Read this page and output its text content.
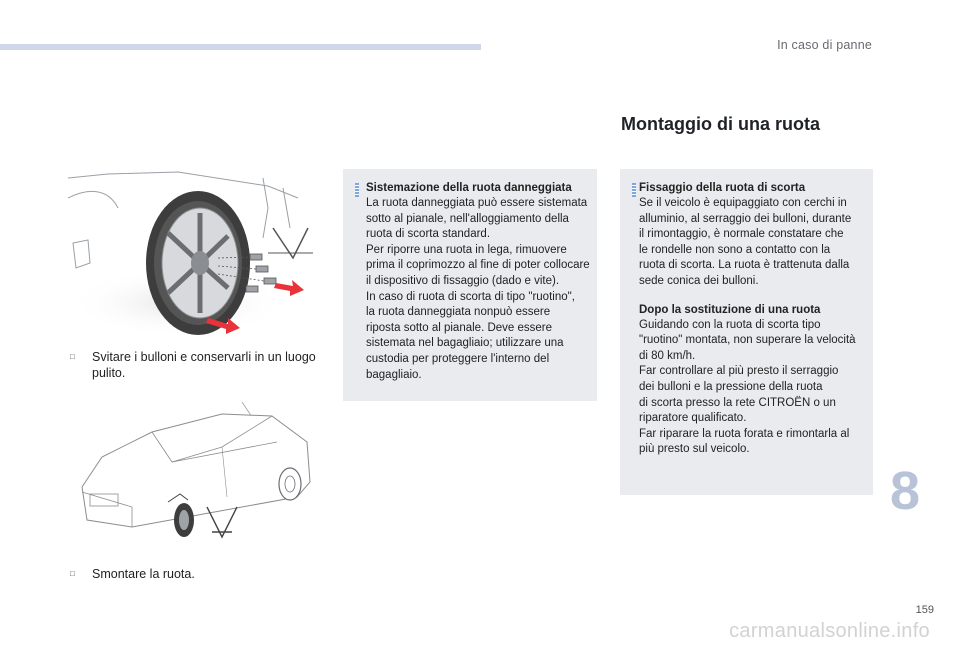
In caso di panne
Montaggio di una ruota
□ Svitare i bulloni e conservarli in un luogo
pulito.
□ Smontare la ruota.
Sistemazione della ruota danneggiata
La ruota danneggiata può essere sistemata
sotto al pianale, nell'alloggiamento della
ruota di scorta standard.
Per riporre una ruota in lega, rimuovere
prima il coprimozzo al fine di poter collocare
il dispositivo di fissaggio (dado e vite).
In caso di ruota di scorta di tipo "ruotino",
la ruota danneggiata nonpuò essere
riposta sotto al pianale. Deve essere
sistemata nel bagagliaio; utilizzare una
custodia per proteggere l'interno del
bagagliaio.
Fissaggio della ruota di scorta
Se il veicolo è equipaggiato con cerchi in
alluminio, al serraggio dei bulloni, durante
il rimontaggio, è normale constatare che
le rondelle non sono a contatto con la
ruota di scorta. La ruota è trattenuta dalla
sede conica dei bulloni.
Dopo la sostituzione di una ruota
Guidando con la ruota di scorta tipo
"ruotino" montata, non superare la velocità
di 80 km/h.
Far controllare al più presto il serraggio
dei bulloni e la pressione della ruota
di scorta presso la rete CITROËN o un
riparatore qualificato.
Far riparare la ruota forata e rimontarla al
più presto sul veicolo.
8
159
carmanualsonline.info
